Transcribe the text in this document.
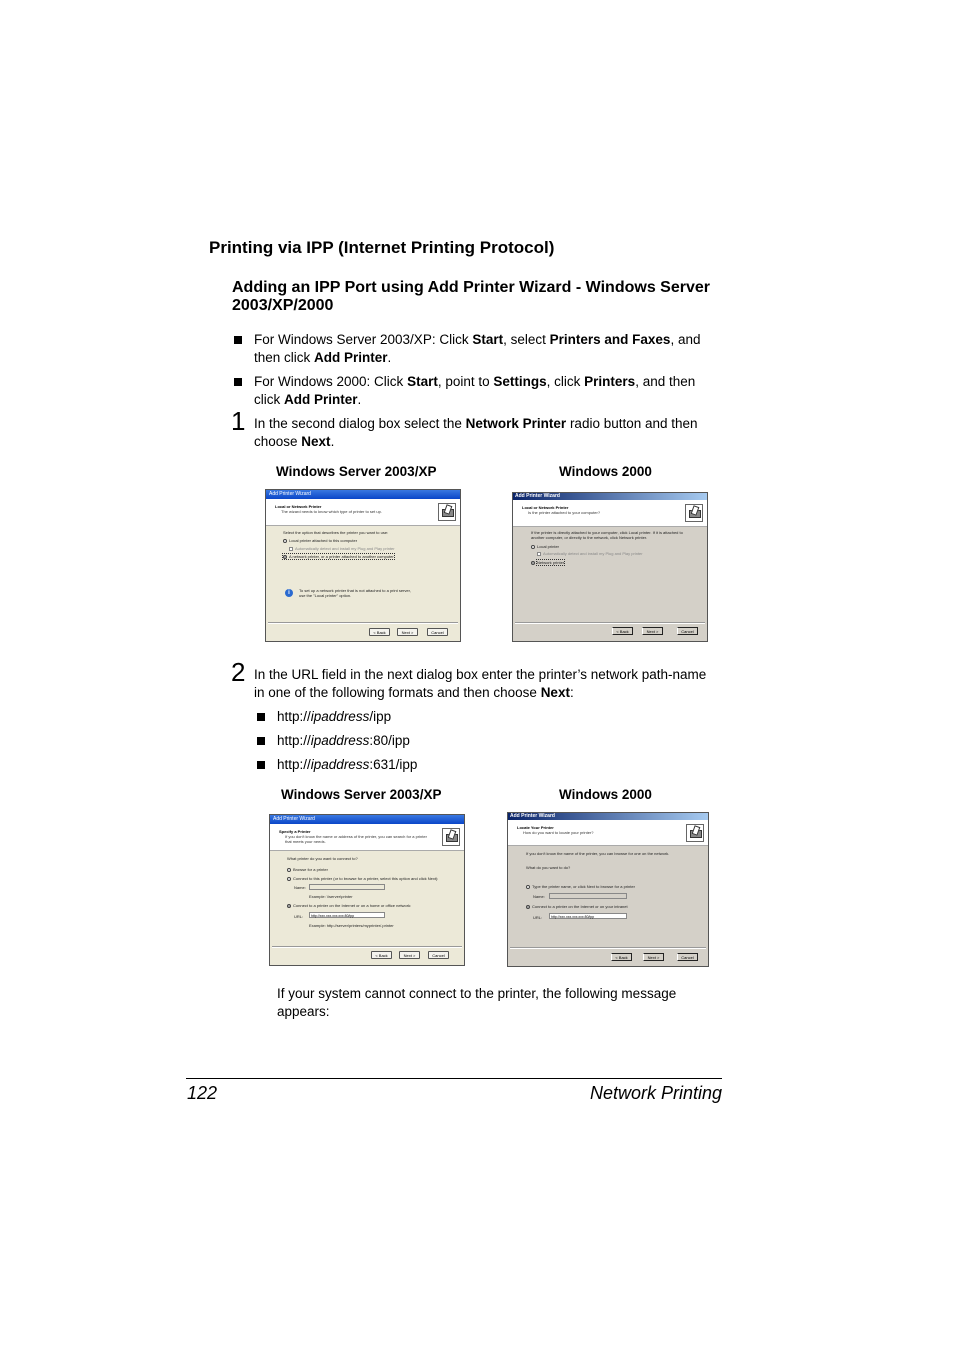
Printing via IPP (Internet Printing Protocol)
Adding an IPP Port using Add Printer Wizard - Windows Server 2003/XP/2000
For Windows Server 2003/XP: Click Start, select Printers and Faxes, and then click Add Printer.
For Windows 2000: Click Start, point to Settings, click Printers, and then click Add Printer.
1 In the second dialog box select the Network Printer radio button and then choose Next.
Windows Server 2003/XP	Windows 2000
Add Printer Wizard
Local or Network Printer
The wizard needs to know which type of printer to set up.
Select the option that describes the printer you want to use:
Local printer attached to this computer
Automatically detect and install my Plug and Play printer
A network printer, or a printer attached to another computer
i	To set up a network printer that is not attached to a print server,
use the "Local printer" option.
< Back	Next >	Cancel
Add Printer Wizard
Local or Network Printer
Is the printer attached to your computer?
If the printer is directly attached to your computer, click Local printer. If it is attached to
another computer, or directly to the network, click Network printer.
Local printer
Automatically detect and install my Plug and Play printer
Network printer
< Back	Next >	Cancel
2 In the URL field in the next dialog box enter the printer’s network path-name in one of the following formats and then choose Next:
http://ipaddress/ipp
http://ipaddress:80/ipp
http://ipaddress:631/ipp
Windows Server 2003/XP	Windows 2000
Add Printer Wizard
Specify a Printer
If you don't know the name or address of the printer, you can search for a printer
that meets your needs.
What printer do you want to connect to?
Browse for a printer
Connect to this printer (or to browse for a printer, select this option and click Next):
Name:
Example: \\server\printer
Connect to a printer on the Internet or on a home or office network:
URL:	http://xxx.xxx.xxx.xxx:80/ipp
Example: http://server/printers/myprinter/.printer
< Back	Next >	Cancel
Add Printer Wizard
Locate Your Printer
How do you want to locate your printer?
If you don't know the name of the printer, you can browse for one on the network.
What do you want to do?
Type the printer name, or click Next to browse for a printer
Name:
Connect to a printer on the Internet or on your intranet
URL:	http://xxx.xxx.xxx.xxx:80/ipp
< Back	Next >	Cancel
If your system cannot connect to the printer, the following message appears:
122	Network Printing
